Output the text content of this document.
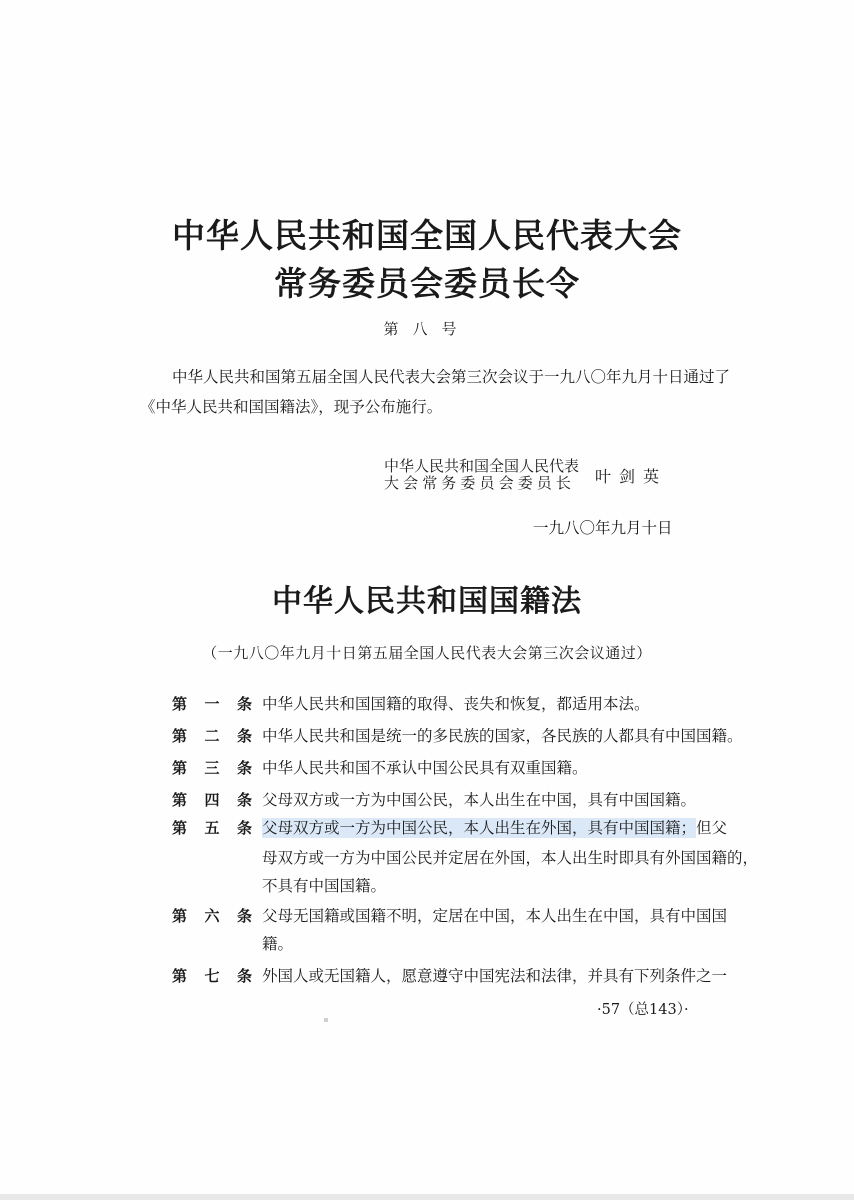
中华人民共和国全国人民代表大会
常务委员会委员长令
第八号
中华人民共和国第五届全国人民代表大会第三次会议于一九八〇年九月十日通过了
《中华人民共和国国籍法》，现予公布施行。
中华人民共和国全国人民代表
大会常务委员会委员长 叶剑英
一九八〇年九月十日
中华人民共和国国籍法
（一九八〇年九月十日第五届全国人民代表大会第三次会议通过）
第 一 条 中华人民共和国国籍的取得、丧失和恢复，都适用本法。
第 二 条 中华人民共和国是统一的多民族的国家，各民族的人都具有中国国籍。
第 三 条 中华人民共和国不承认中国公民具有双重国籍。
第 四 条 父母双方或一方为中国公民，本人出生在中国，具有中国国籍。
第 五 条 父母双方或一方为中国公民，本人出生在外国，具有中国国籍；但父
母双方或一方为中国公民并定居在外国，本人出生时即具有外国国籍的，
不具有中国国籍。
第 六 条 父母无国籍或国籍不明，定居在中国，本人出生在中国，具有中国国
籍。
第 七 条 外国人或无国籍人，愿意遵守中国宪法和法律，并具有下列条件之一
·57（总143）·
